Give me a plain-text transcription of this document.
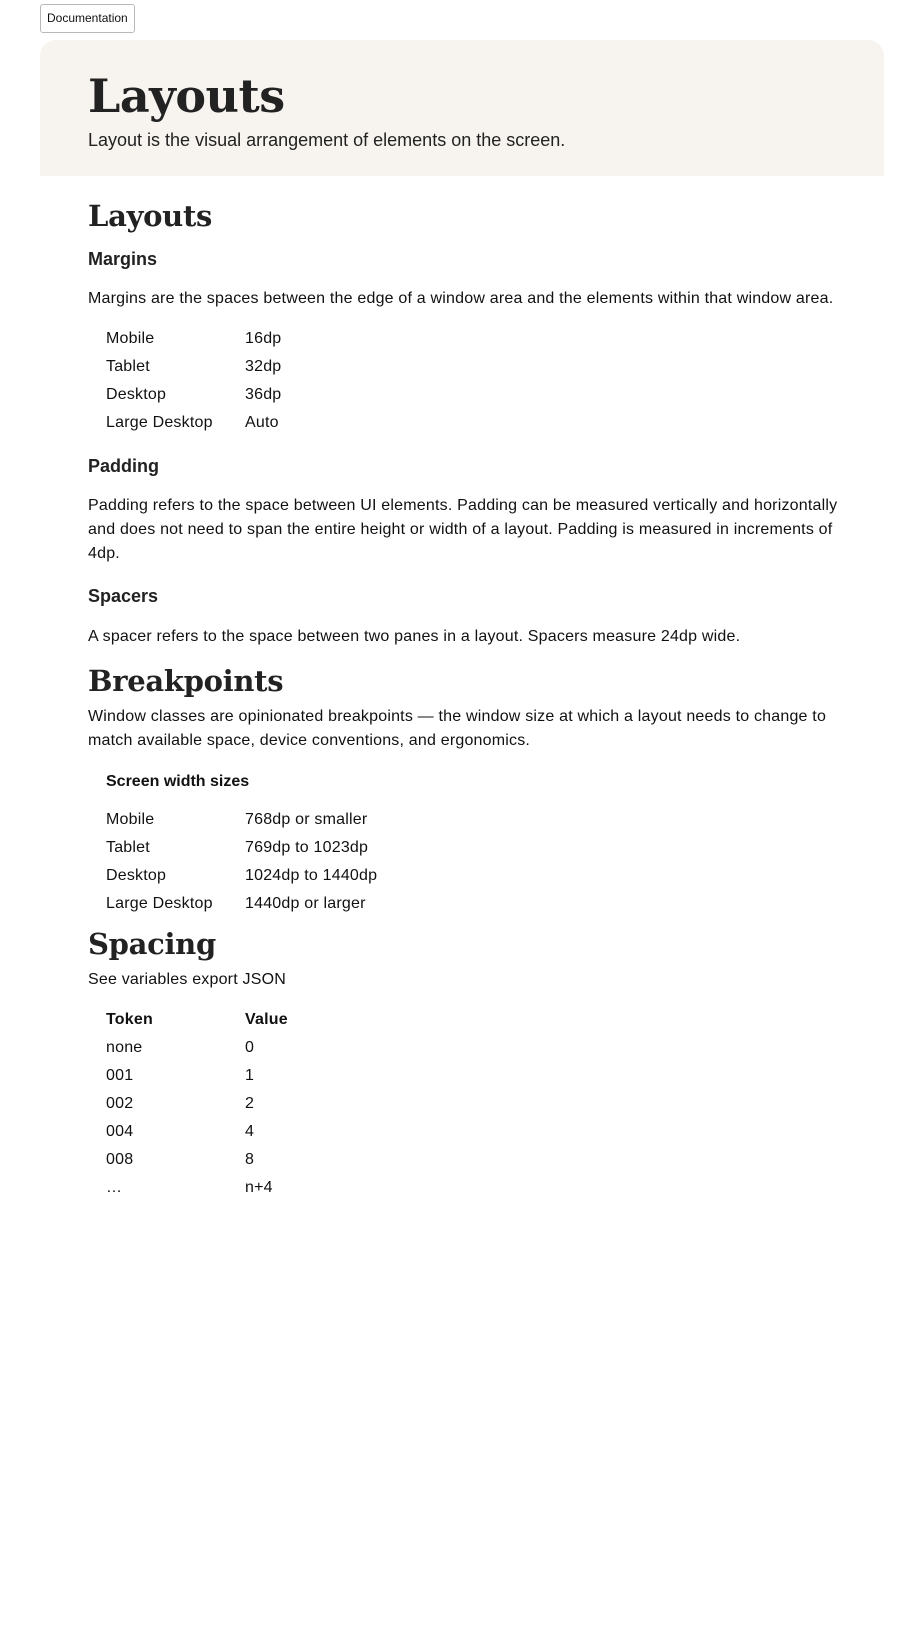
Documentation
Layouts

Layout is the visual arrangement of elements on the screen.

Layouts
Margins

Margins are the spaces between the edge of a window area and the elements within that window area.

Mobile	16dp
Tablet	32dp
Desktop	36dp
Large Desktop	Auto
Padding

Padding refers to the space between UI elements. Padding can be measured vertically and horizontally and does not need to span the entire height or width of a layout. Padding is measured in increments of 4dp.

Spacers

A spacer refers to the space between two panes in a layout. Spacers measure 24dp wide.

Breakpoints

Window classes are opinionated breakpoints — the window size at which a layout needs to change to match available space, device conventions, and ergonomics.

Screen width sizes
Mobile	768dp or smaller
Tablet	769dp to 1023dp
Desktop	1024dp to 1440dp
Large Desktop	1440dp or larger
Spacing

See variables export JSON

Token	Value
none	0
001	1
002	2
004	4
008	8
…	n+4
